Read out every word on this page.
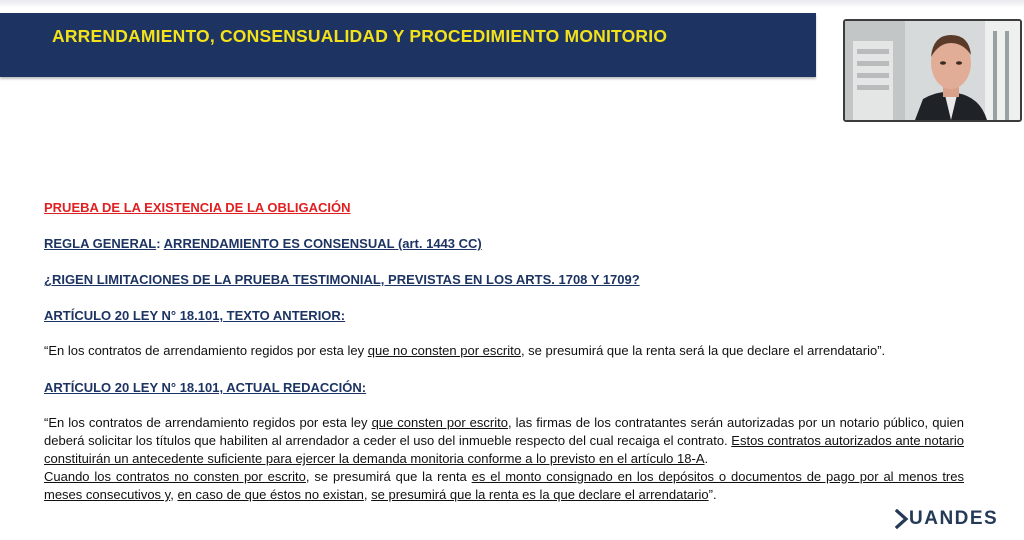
ARRENDAMIENTO, CONSENSUALIDAD Y PROCEDIMIENTO MONITORIO
PRUEBA DE LA EXISTENCIA DE LA OBLIGACIÓN
REGLA GENERAL: ARRENDAMIENTO ES CONSENSUAL (art. 1443 CC)
¿RIGEN LIMITACIONES DE LA PRUEBA TESTIMONIAL, PREVISTAS EN LOS ARTS. 1708 Y 1709?
ARTÍCULO 20 LEY N° 18.101, TEXTO ANTERIOR:
“En los contratos de arrendamiento regidos por esta ley que no consten por escrito, se presumirá que la renta será la que declare el arrendatario”.
ARTÍCULO 20 LEY N° 18.101, ACTUAL REDACCIÓN:
“En los contratos de arrendamiento regidos por esta ley que consten por escrito, las firmas de los contratantes serán autorizadas por un notario público, quien deberá solicitar los títulos que habiliten al arrendador a ceder el uso del inmueble respecto del cual recaiga el contrato. Estos contratos autorizados ante notario constituirán un antecedente suficiente para ejercer la demanda monitoria conforme a lo previsto en el artículo 18-A.
Cuando los contratos no consten por escrito, se presumirá que la renta es el monto consignado en los depósitos o documentos de pago por al menos tres meses consecutivos y, en caso de que éstos no existan, se presumirá que la renta es la que declare el arrendatario”.
UANDES
